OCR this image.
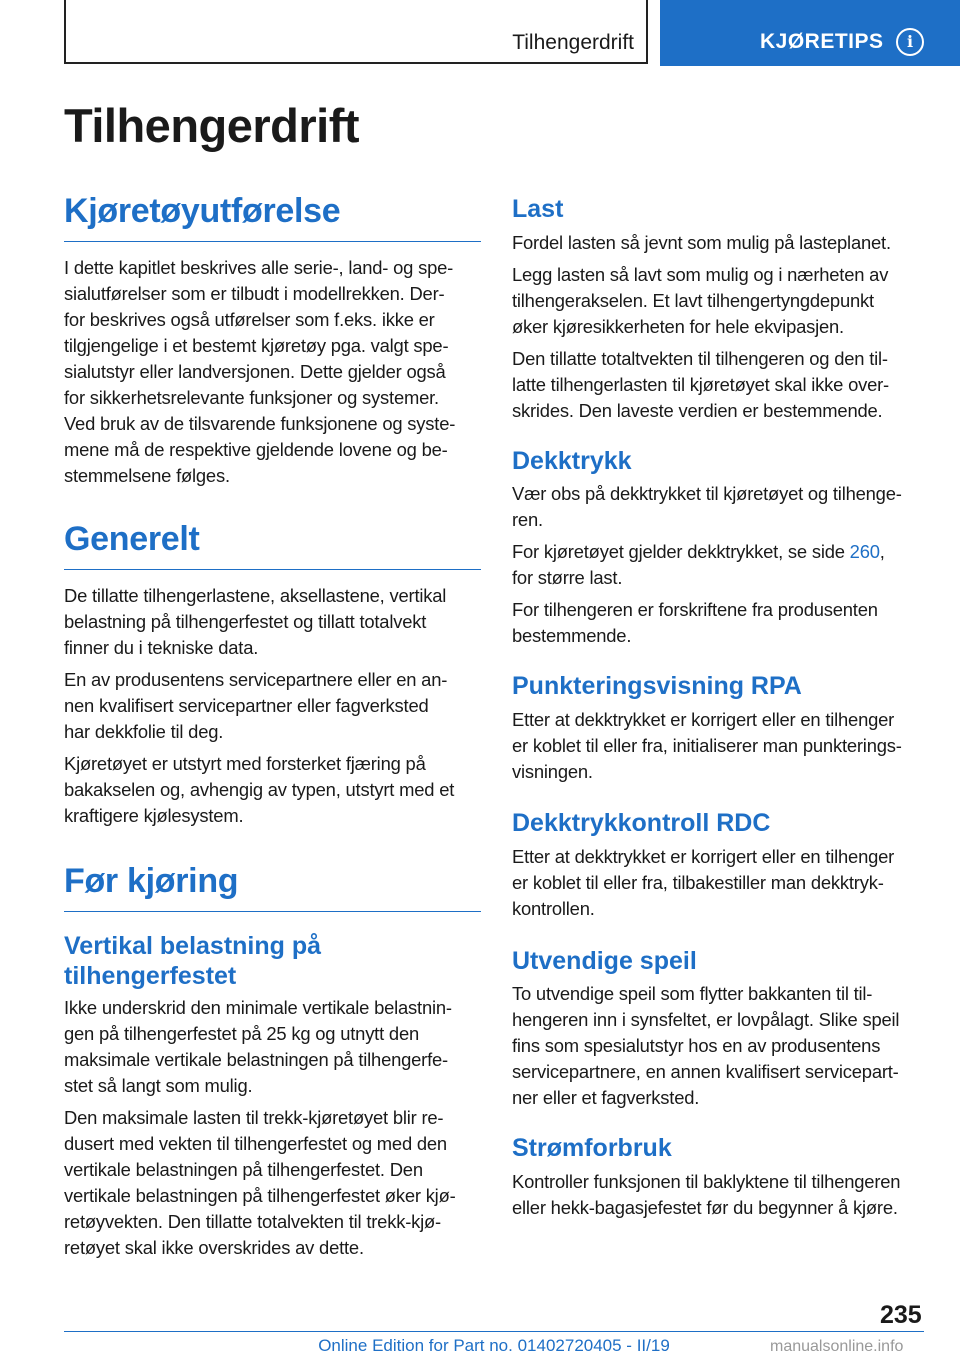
Tilhengerdrift	KJØRETIPS	i
Tilhengerdrift
Kjøretøyutførelse

I dette kapitlet beskrives alle serie-, land- og spe-
sialutførelser som er tilbudt i modellrekken. Der-
for beskrives også utførelser som f.eks. ikke er
tilgjengelige i et bestemt kjøretøy pga. valgt spe-
sialutstyr eller landversjonen. Dette gjelder også
for sikkerhetsrelevante funksjoner og systemer.
Ved bruk av de tilsvarende funksjonene og syste-
mene må de respektive gjeldende lovene og be-
stemmelsene følges.

Generelt

De tillatte tilhengerlastene, aksellastene, vertikal
belastning på tilhengerfestet og tillatt totalvekt
finner du i tekniske data.

En av produsentens servicepartnere eller en an-
nen kvalifisert servicepartner eller fagverksted
har dekkfolie til deg.

Kjøretøyet er utstyrt med forsterket fjæring på
bakakselen og, avhengig av typen, utstyrt med et
kraftigere kjølesystem.

Før kjøring
Vertikal belastning på
tilhengerfestet

Ikke underskrid den minimale vertikale belastnin-
gen på tilhengerfestet på 25 kg og utnytt den
maksimale vertikale belastningen på tilhengerfe-
stet så langt som mulig.

Den maksimale lasten til trekk-kjøretøyet blir re-
dusert med vekten til tilhengerfestet og med den
vertikale belastningen på tilhengerfestet. Den
vertikale belastningen på tilhengerfestet øker kjø-
retøyvekten. Den tillatte totalvekten til trekk-kjø-
retøyet skal ikke overskrides av dette.

Last

Fordel lasten så jevnt som mulig på lasteplanet.

Legg lasten så lavt som mulig og i nærheten av
tilhengerakselen. Et lavt tilhengertyngdepunkt
øker kjøresikkerheten for hele ekvipasjen.

Den tillatte totaltvekten til tilhengeren og den til-
latte tilhengerlasten til kjøretøyet skal ikke over-
skrides. Den laveste verdien er bestemmende.

Dekktrykk

Vær obs på dekktrykket til kjøretøyet og tilhenge-
ren.

For kjøretøyet gjelder dekktrykket, se side 260,
for større last.

For tilhengeren er forskriftene fra produsenten
bestemmende.

Punkteringsvisning RPA

Etter at dekktrykket er korrigert eller en tilhenger
er koblet til eller fra, initialiserer man punkterings-
visningen.

Dekktrykkontroll RDC

Etter at dekktrykket er korrigert eller en tilhenger
er koblet til eller fra, tilbakestiller man dekktryk-
kontrollen.

Utvendige speil

To utvendige speil som flytter bakkanten til til-
hengeren inn i synsfeltet, er lovpålagt. Slike speil
fins som spesialutstyr hos en av produsentens
servicepartnere, en annen kvalifisert servicepart-
ner eller et fagverksted.

Strømforbruk

Kontroller funksjonen til baklyktene til tilhengeren
eller hekk-bagasjefestet før du begynner å kjøre.

235
Online Edition for Part no. 01402720405 - II/19	manualsonline.info
